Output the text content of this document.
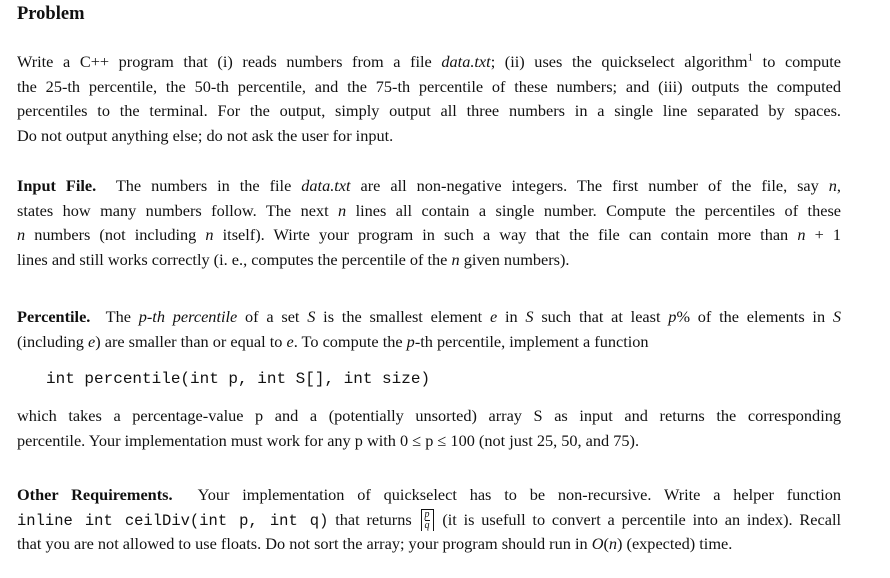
Problem
int percentile(int p, int S[], int size)
Write a C++ program that (i) reads numbers from a file data.txt; (ii) uses the quickselect algorithm$^1$ to compute
the 25-th percentile, the 50-th percentile, and the 75-th percentile of these numbers; and (iii) outputs the computed
percentiles to the terminal. For the output, simply output all three numbers in a single line separated by spaces.
Do not output anything else; do not ask the user for input.
Input File.  The numbers in the file data.txt are all non-negative integers. The first number of the file, say n,
states how many numbers follow. The next n lines all contain a single number. Compute the percentiles of these
n numbers (not including n itself). Wirte your program in such a way that the file can contain more than n + 1
lines and still works correctly (i. e., computes the percentile of the n given numbers).
Percentile.  The p-th percentile of a set S is the smallest element e in S such that at least p% of the elements in S
(including e) are smaller than or equal to e. To compute the p-th percentile, implement a function
which takes a percentage-value p and a (potentially unsorted) array S as input and returns the corresponding
percentile. Your implementation must work for any p with 0 ≤ p ≤ 100 (not just 25, 50, and 75).
Other Requirements.  Your implementation of quickselect has to be non-recursive. Write a helper function
inline int ceilDiv(int p, int q) that returns $\frac{p}{q} (it$ is usefull to convert a percentile into an index). Recall
that you are not allowed to use floats. Do not sort the array; your program should run in O(n) (expected) time.
